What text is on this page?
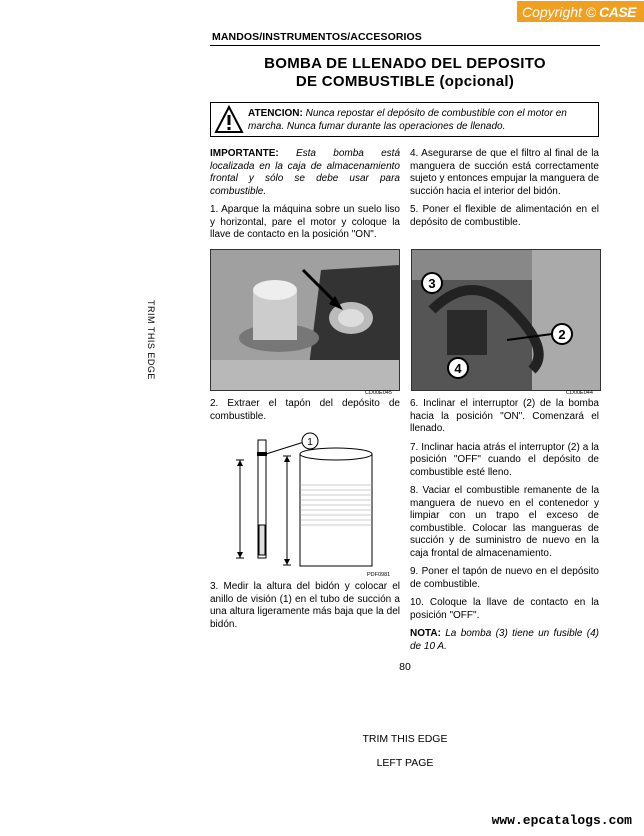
Copyright © CASE
MANDOS/INSTRUMENTOS/ACCESORIOS
BOMBA DE LLENADO DEL DEPOSITO
DE COMBUSTIBLE (opcional)
ATENCION: Nunca repostar el depósito de combustible con el motor en marcha. Nunca fumar durante las operaciones de llenado.

IMPORTANTE: Esta bomba está localizada en la caja de almacenamiento frontal y sólo se debe usar para combustible.

1. Aparque la máquina sobre un suelo liso y horizontal, pare el motor y coloque la llave de contacto en la posición "ON".

4. Asegurarse de que el filtro al final de la manguera de succión está correctamente sujeto y entonces empujar la manguera de succión hacia el interior del bidón.

5. Poner el flexible de alimentación en el depósito de combustible.

CD00E045

2. Extraer el tapón del depósito de combustible.

3
2
4
CD00E044

6. Inclinar el interruptor (2) de la bomba hacia la posición "ON". Comenzará el llenado.

7. Inclinar hacia atrás el interruptor (2) a la posición "OFF" cuando el depósito de combustible esté lleno.

8. Vaciar el combustible remanente de la manguera de nuevo en el contenedor y limpiar con un trapo el exceso de combustible. Colocar las mangueras de succión y de suministro de nuevo en la caja frontal de almacenamiento.

9. Poner el tapón de nuevo en el depósito de combustible.

10. Coloque la llave de contacto en la posición "OFF".

NOTA: La bomba (3) tiene un fusible (4) de 10 A.

1
PDF0981

3. Medir la altura del bidón y colocar el anillo de visión (1) en el tubo de succión a una altura ligeramente más baja que la del bidón.

TRIM THIS EDGE
80
TRIM THIS EDGE
LEFT PAGE
www.epcatalogs.com
